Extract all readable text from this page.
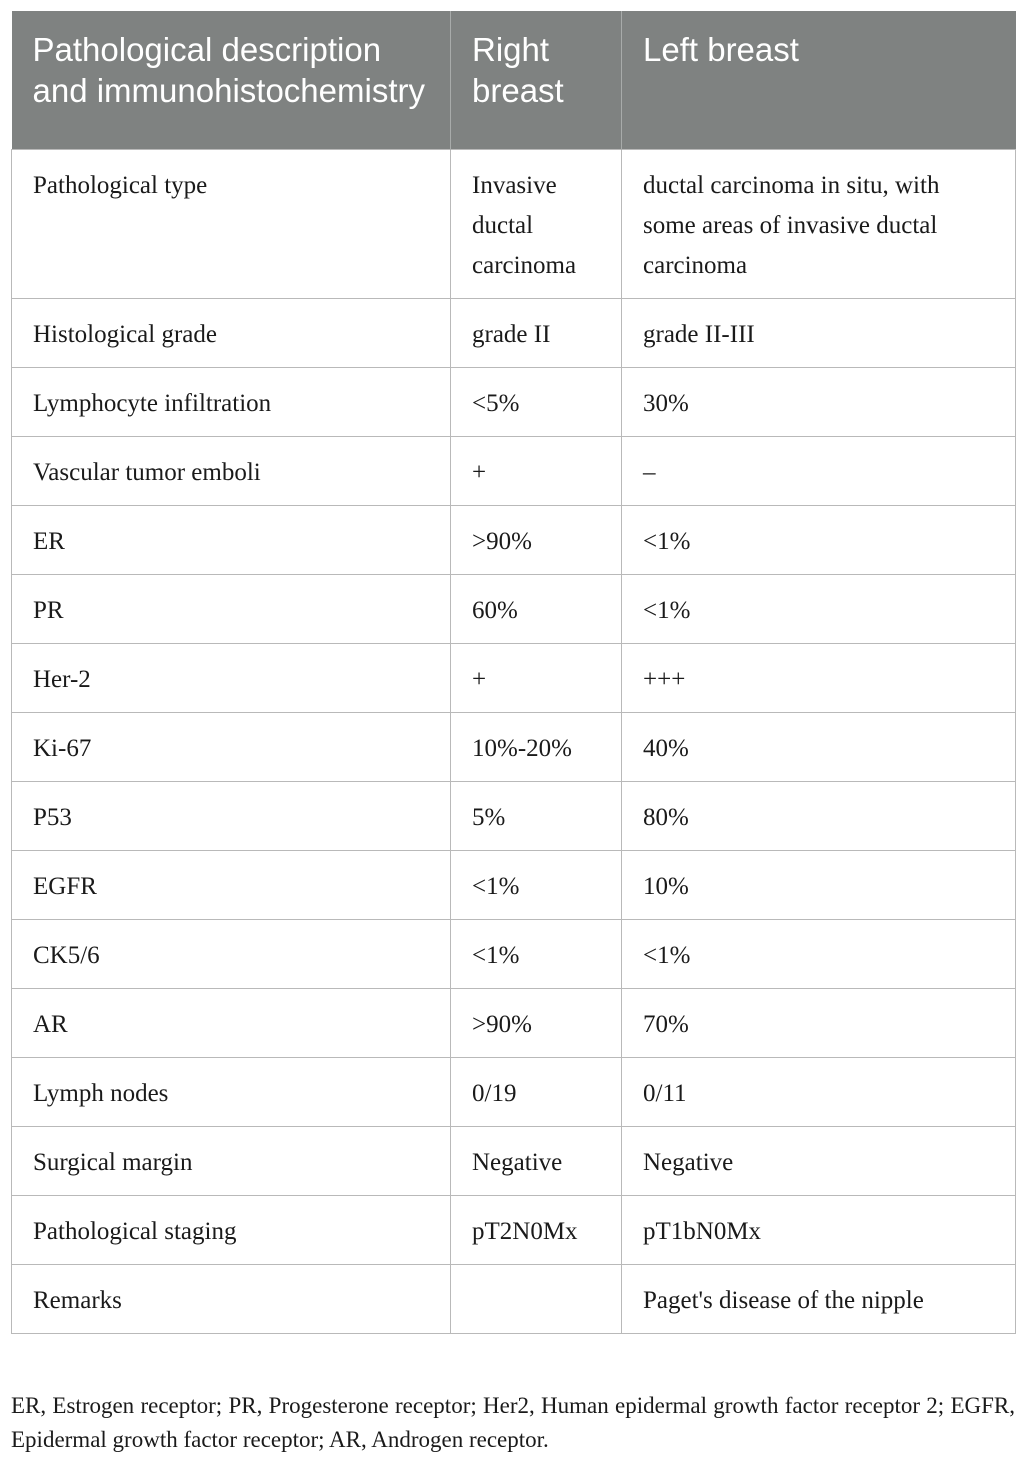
Pathological description and immunohistochemistry	Right breast	Left breast
Pathological type	Invasive ductal carcinoma	ductal carcinoma in situ, with some areas of invasive ductal carcinoma
Histological grade	grade II	grade II-III
Lymphocyte infiltration	<5%	30%
Vascular tumor emboli	+	–
ER	>90%	<1%
PR	60%	<1%
Her-2	+	+++
Ki-67	10%-20%	40%
P53	5%	80%
EGFR	<1%	10%
CK5/6	<1%	<1%
AR	>90%	70%
Lymph nodes	0/19	0/11
Surgical margin	Negative	Negative
Pathological staging	pT2N0Mx	pT1bN0Mx
Remarks		Paget's disease of the nipple

ER, Estrogen receptor; PR, Progesterone receptor; Her2, Human epidermal growth factor receptor 2; EGFR, Epidermal growth factor receptor; AR, Androgen receptor.
